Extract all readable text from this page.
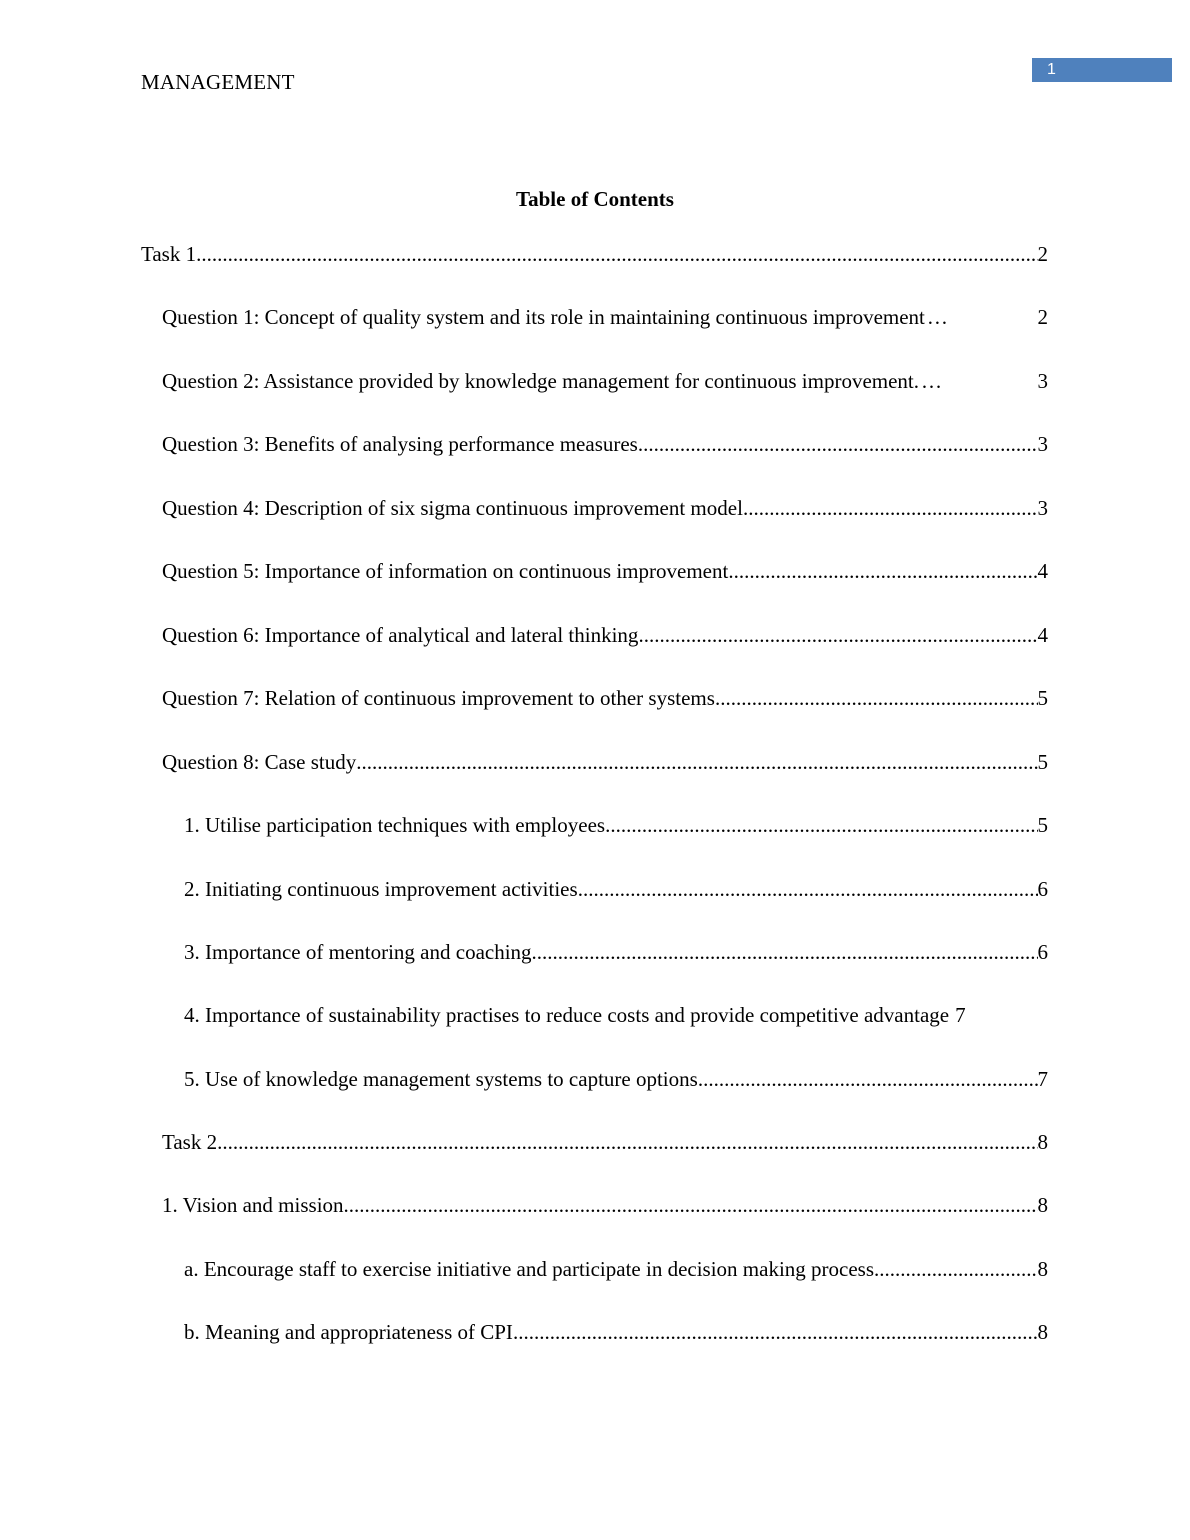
MANAGEMENT
1
Table of Contents
Task 1 .....	2
Question 1: Concept of quality system and its role in maintaining continuous improvement …	2
Question 2: Assistance provided by knowledge management for continuous improvement. …	3
Question 3: Benefits of analysing performance measures .....	3
Question 4: Description of six sigma continuous improvement model .....	3
Question 5: Importance of information on continuous improvement .....	4
Question 6: Importance of analytical and lateral thinking .....	4
Question 7: Relation of continuous improvement to other systems .....	5
Question 8: Case study .....	5
1. Utilise participation techniques with employees .....	5
2. Initiating continuous improvement activities .....	6
3. Importance of mentoring and coaching .....	6
4. Importance of sustainability practises to reduce costs and provide competitive advantage 7
5. Use of knowledge management systems to capture options .....	7
Task 2 .....	8
1. Vision and mission .....	8
a. Encourage staff to exercise initiative and participate in decision making process .....	8
b. Meaning and appropriateness of CPI .....	8
